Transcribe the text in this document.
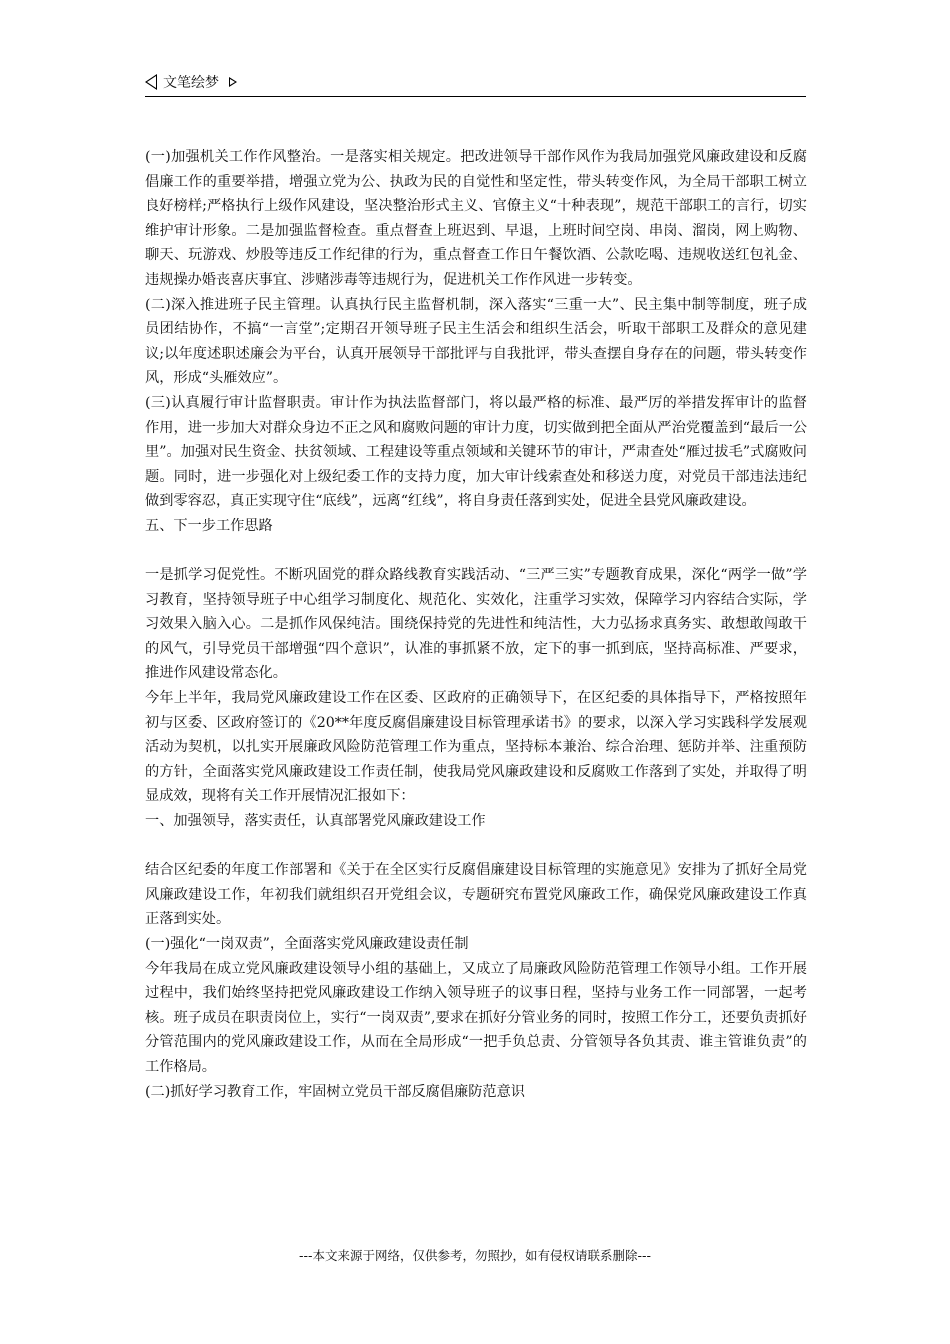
文笔绘梦

(一)加强机关工作作风整治。一是落实相关规定。把改进领导干部作风作为我局加强党风廉政建设和反腐倡廉工作的重要举措，增强立党为公、执政为民的自觉性和坚定性，带头转变作风，为全局干部职工树立良好榜样;严格执行上级作风建设，坚决整治形式主义、官僚主义“十种表现”，规范干部职工的言行，切实维护审计形象。二是加强监督检查。重点督查上班迟到、早退，上班时间空岗、串岗、溜岗，网上购物、聊天、玩游戏、炒股等违反工作纪律的行为，重点督查工作日午餐饮酒、公款吃喝、违规收送红包礼金、违规操办婚丧喜庆事宜、涉赌涉毒等违规行为，促进机关工作作风进一步转变。

(二)深入推进班子民主管理。认真执行民主监督机制，深入落实“三重一大”、民主集中制等制度，班子成员团结协作，不搞“一言堂”;定期召开领导班子民主生活会和组织生活会，听取干部职工及群众的意见建议;以年度述职述廉会为平台，认真开展领导干部批评与自我批评，带头查摆自身存在的问题，带头转变作风，形成“头雁效应”。

(三)认真履行审计监督职责。审计作为执法监督部门，将以最严格的标准、最严厉的举措发挥审计的监督作用，进一步加大对群众身边不正之风和腐败问题的审计力度，切实做到把全面从严治党覆盖到“最后一公里”。加强对民生资金、扶贫领域、工程建设等重点领域和关键环节的审计，严肃查处“雁过拔毛”式腐败问题。同时，进一步强化对上级纪委工作的支持力度，加大审计线索查处和移送力度，对党员干部违法违纪做到零容忍，真正实现守住“底线”，远离“红线”，将自身责任落到实处，促进全县党风廉政建设。

五、下一步工作思路

一是抓学习促党性。不断巩固党的群众路线教育实践活动、“三严三实”专题教育成果，深化“两学一做”学习教育，坚持领导班子中心组学习制度化、规范化、实效化，注重学习实效，保障学习内容结合实际，学习效果入脑入心。二是抓作风保纯洁。围绕保持党的先进性和纯洁性，大力弘扬求真务实、敢想敢闯敢干的风气，引导党员干部增强“四个意识”，认准的事抓紧不放，定下的事一抓到底，坚持高标准、严要求，推进作风建设常态化。

今年上半年，我局党风廉政建设工作在区委、区政府的正确领导下，在区纪委的具体指导下，严格按照年初与区委、区政府签订的《20**年度反腐倡廉建设目标管理承诺书》的要求，以深入学习实践科学发展观活动为契机，以扎实开展廉政风险防范管理工作为重点，坚持标本兼治、综合治理、惩防并举、注重预防的方针，全面落实党风廉政建设工作责任制，使我局党风廉政建设和反腐败工作落到了实处，并取得了明显成效，现将有关工作开展情况汇报如下：

一、加强领导，落实责任，认真部署党风廉政建设工作

结合区纪委的年度工作部署和《关于在全区实行反腐倡廉建设目标管理的实施意见》安排为了抓好全局党风廉政建设工作，年初我们就组织召开党组会议，专题研究布置党风廉政工作，确保党风廉政建设工作真正落到实处。

(一)强化“一岗双责”，全面落实党风廉政建设责任制

今年我局在成立党风廉政建设领导小组的基础上，又成立了局廉政风险防范管理工作领导小组。工作开展过程中，我们始终坚持把党风廉政建设工作纳入领导班子的议事日程，坚持与业务工作一同部署，一起考核。班子成员在职责岗位上，实行“一岗双责”,要求在抓好分管业务的同时，按照工作分工，还要负责抓好分管范围内的党风廉政建设工作，从而在全局形成“一把手负总责、分管领导各负其责、谁主管谁负责”的工作格局。

(二)抓好学习教育工作，牢固树立党员干部反腐倡廉防范意识

---本文来源于网络，仅供参考，勿照抄，如有侵权请联系删除---
